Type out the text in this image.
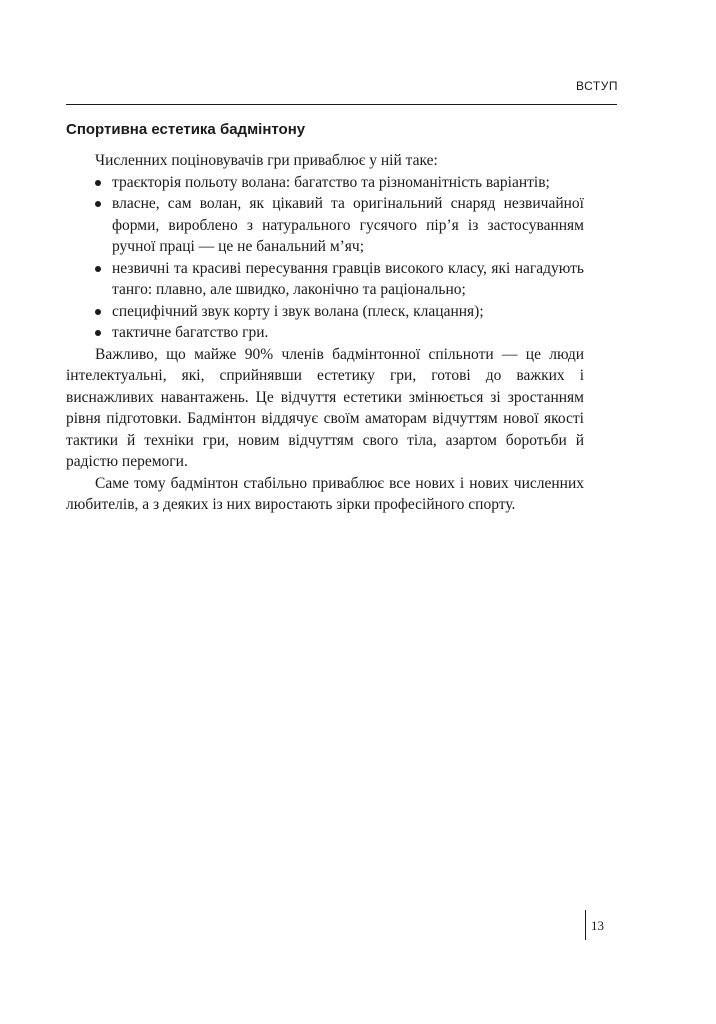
ВСТУП
Спортивна естетика бадмінтону

Численних поціновувачів гри приваблює у ній таке:

траєкторія польоту волана: багатство та різноманітність варіантів;
власне, сам волан, як цікавий та оригінальний снаряд незвичайної форми, вироблено з натурального гусячого пір’я із застосуванням ручної праці — це не банальний м’яч;
незвичні та красиві пересування гравців високого класу, які нагадують танго: плавно, але швидко, лаконічно та раціонально;
специфічний звук корту і звук волана (плеск, клацання);
тактичне багатство гри.

Важливо, що майже 90% членів бадмінтонної спільноти — це люди інтелектуальні, які, сприйнявши естетику гри, готові до важких і виснажливих навантажень. Це відчуття естетики змінюється зі зростанням рівня підготовки. Бадмінтон віддячує своїм аматорам відчуттям нової якості тактики й техніки гри, новим відчуттям свого тіла, азартом боротьби й радістю перемоги.

Саме тому бадмінтон стабільно приваблює все нових і нових численних любителів, а з деяких із них виростають зірки професійного спорту.

13
